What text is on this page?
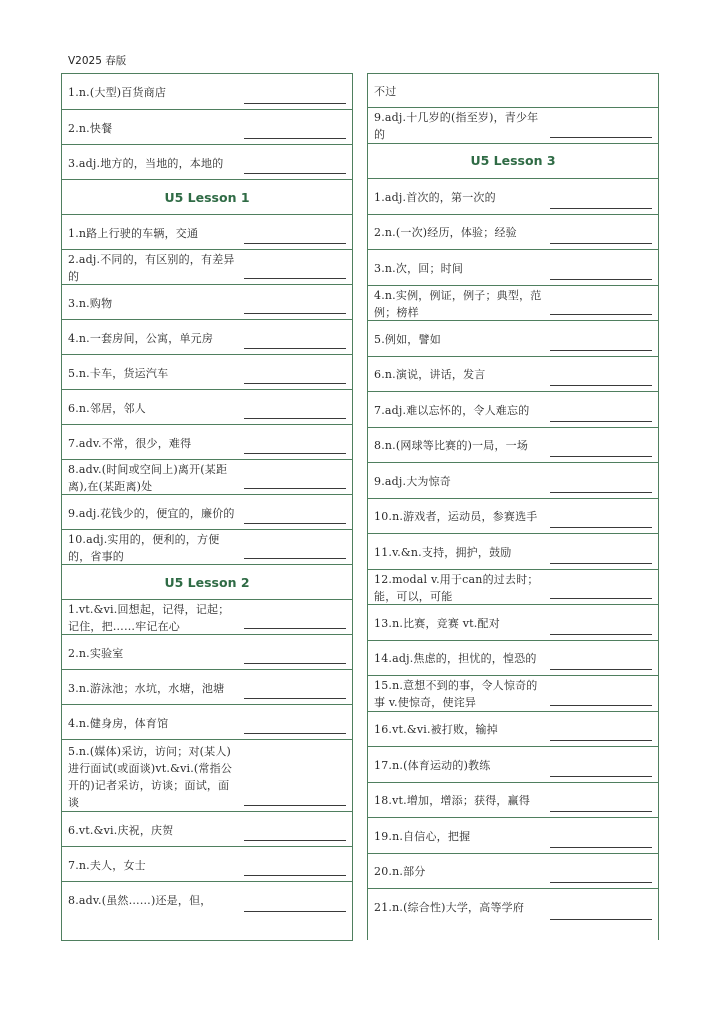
V2025 春版
1.n.(大型)百货商店
2.n.快餐
3.adj.地方的，当地的，本地的
U5 Lesson 1
1.n路上行驶的车辆，交通
2.adj.不同的，有区别的，有差异的
3.n.购物
4.n.一套房间，公寓，单元房
5.n.卡车，货运汽车
6.n.邻居，邻人
7.adv.不常，很少，难得
8.adv.(时间或空间上)离开(某距离),在(某距离)处
9.adj.花钱少的，便宜的，廉价的
10.adj.实用的，便利的，方便的，省事的
U5 Lesson 2
1.vt.&vi.回想起，记得，记起；记住，把……牢记在心
2.n.实验室
3.n.游泳池；水坑，水塘，池塘
4.n.健身房，体育馆
5.n.(媒体)采访，访问；对(某人)进行面试(或面谈)vt.&vi.(常指公开的)记者采访，访谈；面试，面谈
6.vt.&vi.庆祝，庆贺
7.n.夫人，女士
8.adv.(虽然……)还是，但，
不过
9.adj.十几岁的(指至岁)，青少年的
U5 Lesson 3
1.adj.首次的，第一次的
2.n.(一次)经历，体验；经验
3.n.次，回；时间
4.n.实例，例证，例子；典型，范例；榜样
5.例如，譬如
6.n.演说，讲话，发言
7.adj.难以忘怀的，令人难忘的
8.n.(网球等比赛的)一局，一场
9.adj.大为惊奇
10.n.游戏者，运动员，参赛选手
11.v.&n.支持，拥护，鼓励
12.modal v.用于can的过去时；能，可以，可能
13.n.比赛，竞赛 vt.配对
14.adj.焦虑的，担忧的，惶恐的
15.n.意想不到的事，令人惊奇的事 v.使惊奇，使诧异
16.vt.&vi.被打败，输掉
17.n.(体育运动的)教练
18.vt.增加，增添；获得，赢得
19.n.自信心，把握
20.n.部分
21.n.(综合性)大学，高等学府
